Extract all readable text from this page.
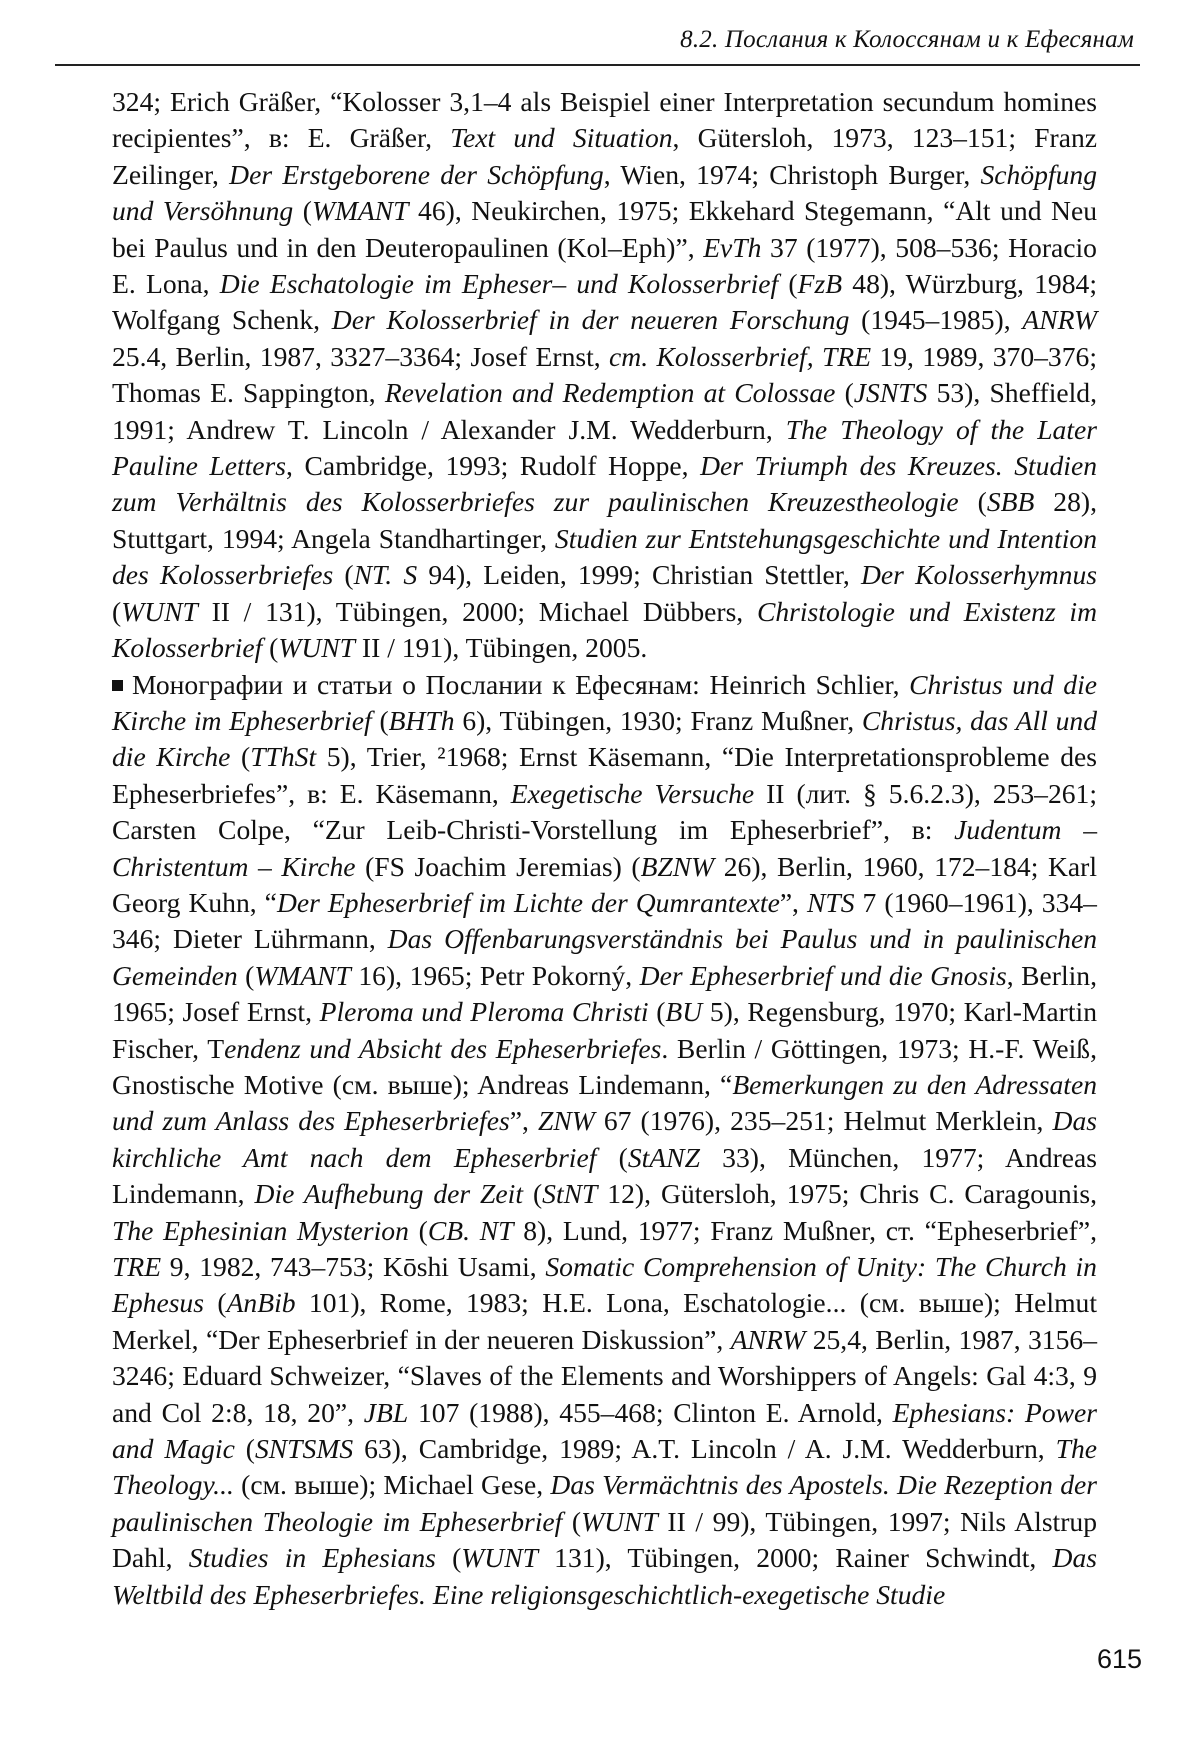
8.2. Послания к Колоссянам и к Ефесянам

324; Erich Gräßer, “Kolosser 3,1–4 als Beispiel einer Interpretation secundum homines recipientes”, в: E. Gräßer, Text und Situation, Gütersloh, 1973, 123–151; Franz Zeilinger, Der Erstgeborene der Schöpfung, Wien, 1974; Christoph Burger, Schöpfung und Versöhnung (WMANT 46), Neukirchen, 1975; Ekkehard Stegemann, “Alt und Neu bei Paulus und in den Deuteropaulinen (Kol–Eph)”, EvTh 37 (1977), 508–536; Horacio E. Lona, Die Eschatologie im Epheser– und Kolosserbrief (FzB 48), Würzburg, 1984; Wolfgang Schenk, Der Kolosserbrief in der neueren Forschung (1945–1985), ANRW 25.4, Berlin, 1987, 3327–3364; Josef Ernst, cm. Kolosserbrief, TRE 19, 1989, 370–376; Thomas E. Sappington, Revelation and Redemption at Colossae (JSNTS 53), Sheffield, 1991; Andrew T. Lincoln / Alexander J.M. Wedderburn, The Theology of the Later Pauline Letters, Cambridge, 1993; Rudolf Hoppe, Der Triumph des Kreuzes. Studien zum Verhältnis des Kolosserbriefes zur paulinischen Kreuzestheologie (SBB 28), Stuttgart, 1994; Angela Standhartinger, Studien zur Entstehungsgeschichte und Intention des Kolosserbriefes (NT. S 94), Leiden, 1999; Christian Stettler, Der Kolosserhymnus (WUNT II / 131), Tübingen, 2000; Michael Dübbers, Christologie und Existenz im Kolosserbrief (WUNT II / 191), Tübingen, 2005.

Монографии и статьи о Послании к Ефесянам: Heinrich Schlier, Christus und die Kirche im Epheserbrief (BHTh 6), Tübingen, 1930; Franz Mußner, Christus, das All und die Kirche (TThSt 5), Trier, ²1968; Ernst Käsemann, “Die Interpretationsprobleme des Epheserbriefes”, в: E. Käsemann, Exegetische Versuche II (лит. § 5.6.2.3), 253–261; Carsten Colpe, “Zur Leib-Christi-Vorstellung im Epheserbrief”, в: Judentum – Christentum – Kirche (FS Joachim Jeremias) (BZNW 26), Berlin, 1960, 172–184; Karl Georg Kuhn, “Der Epheserbrief im Lichte der Qumrantexte”, NTS 7 (1960–1961), 334–346; Dieter Lührmann, Das Offenbarungsverständnis bei Paulus und in paulinischen Gemeinden (WMANT 16), 1965; Petr Pokorný, Der Epheserbrief und die Gnosis, Berlin, 1965; Josef Ernst, Pleroma und Pleroma Christi (BU 5), Regensburg, 1970; Karl-Martin Fischer, Tendenz und Absicht des Epheserbriefes. Berlin / Göttingen, 1973; H.-F. Weiß, Gnostische Motive (см. выше); Andreas Lindemann, “Bemerkungen zu den Adressaten und zum Anlass des Epheserbriefes”, ZNW 67 (1976), 235–251; Helmut Merklein, Das kirchliche Amt nach dem Epheserbrief (StANZ 33), München, 1977; Andreas Lindemann, Die Aufhebung der Zeit (StNT 12), Gütersloh, 1975; Chris C. Caragounis, The Ephesinian Mysterion (CB. NT 8), Lund, 1977; Franz Mußner, ст. “Epheserbrief”, TRE 9, 1982, 743–753; Kōshi Usami, Somatic Comprehension of Unity: The Church in Ephesus (AnBib 101), Rome, 1983; H.E. Lona, Eschatologie... (см. выше); Helmut Merkel, “Der Epheserbrief in der neueren Diskussion”, ANRW 25,4, Berlin, 1987, 3156–3246; Eduard Schweizer, “Slaves of the Elements and Worshippers of Angels: Gal 4:3, 9 and Col 2:8, 18, 20”, JBL 107 (1988), 455–468; Clinton E. Arnold, Ephesians: Power and Magic (SNTSMS 63), Cambridge, 1989; A.T. Lincoln / A. J.M. Wedderburn, The Theology... (см. выше); Michael Gese, Das Vermächtnis des Apostels. Die Rezeption der paulinischen Theologie im Epheserbrief (WUNT II / 99), Tübingen, 1997; Nils Alstrup Dahl, Studies in Ephesians (WUNT 131), Tübingen, 2000; Rainer Schwindt, Das Weltbild des Epheserbriefes. Eine religionsgeschichtlich-exegetische Studie

615
